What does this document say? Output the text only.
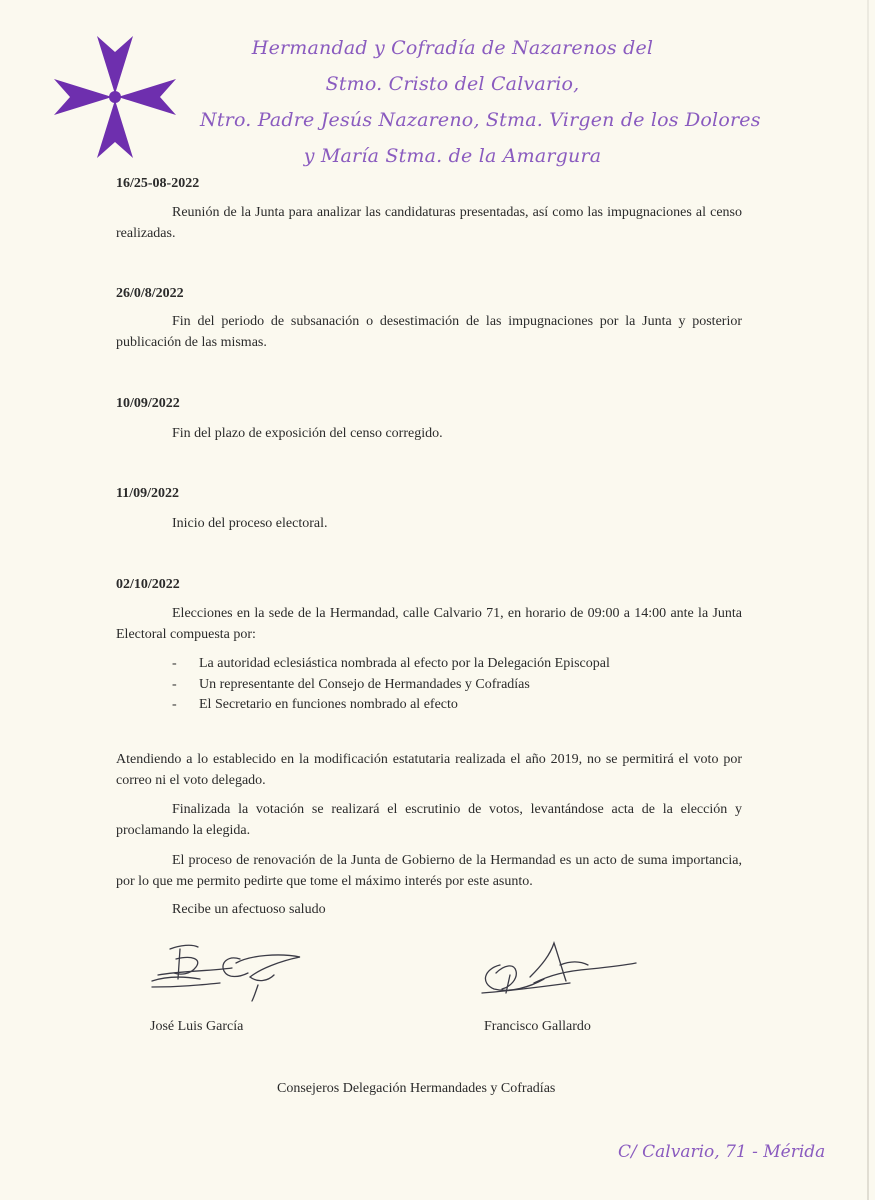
Hermandad y Cofradía de Nazarenos del
Stmo. Cristo del Calvario,
Ntro. Padre Jesús Nazareno, Stma. Virgen de los Dolores
y María Stma. de la Amargura
16/25-08-2022
Reunión de la Junta para analizar las candidaturas presentadas, así como las impugnaciones al censo realizadas.
26/0/8/2022
Fin del periodo de subsanación o desestimación de las impugnaciones por la Junta y posterior publicación de las mismas.
10/09/2022
Fin del plazo de exposición del censo corregido.
11/09/2022
Inicio del proceso electoral.
02/10/2022
Elecciones en la sede de la Hermandad, calle Calvario 71, en horario de 09:00 a 14:00 ante la Junta Electoral compuesta por:
- La autoridad eclesiástica nombrada al efecto por la Delegación Episcopal
- Un representante del Consejo de Hermandades y Cofradías
- El Secretario en funciones nombrado al efecto
Atendiendo a lo establecido en la modificación estatutaria realizada el año 2019, no se permitirá el voto por correo ni el voto delegado.
Finalizada la votación se realizará el escrutinio de votos, levantándose acta de la elección y proclamando la elegida.
El proceso de renovación de la Junta de Gobierno de la Hermandad es un acto de suma importancia, por lo que me permito pedirte que tome el máximo interés por este asunto.
Recibe un afectuoso saludo
José Luis García	Francisco Gallardo
Consejeros Delegación Hermandades y Cofradías
C/ Calvario, 71 - Mérida
